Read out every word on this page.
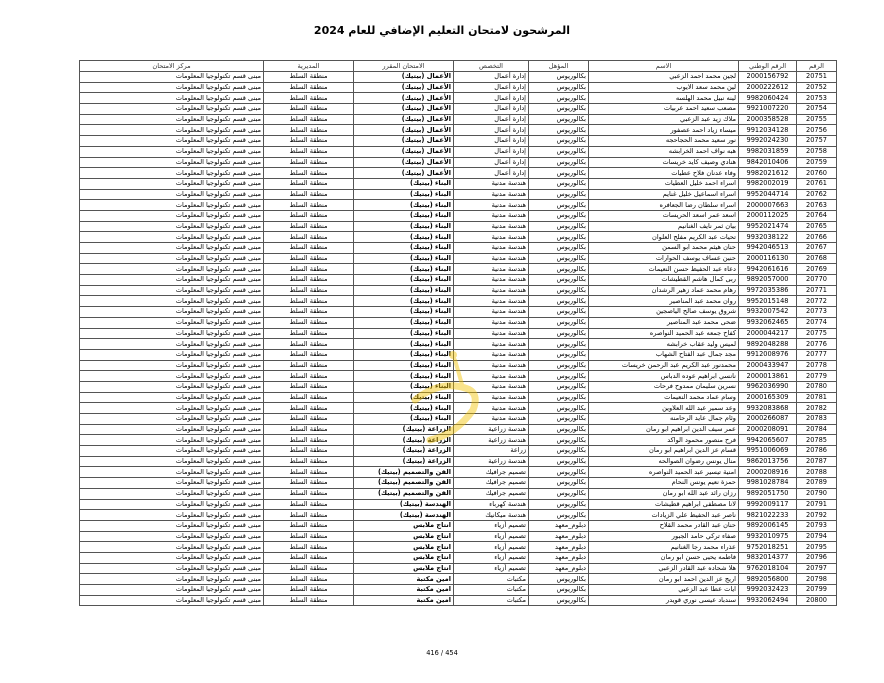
المرشحون لامتحان التعليم الإضافي للعام 2024
الرقم	الرقم الوطني	الاسم	المؤهل	التخصص	الامتحان المقرر	المديرية	مركز الامتحان
20751	2000156792	لجين محمد احمد الزعبي	بكالوريوس	إدارة أعمال	الأعمال (بيتيك)	منطقة السلط	مبنى قسم تكنولوجيا المعلومات
20752	2000222612	لين محمد سعد الايوب	بكالوريوس	إدارة أعمال	الأعمال (بيتيك)	منطقة السلط	مبنى قسم تكنولوجيا المعلومات
20753	9982060424	لينه نبيل محمد الهلسه	بكالوريوس	إدارة أعمال	الأعمال (بيتيك)	منطقة السلط	مبنى قسم تكنولوجيا المعلومات
20754	9921007220	مصعب سعيد احمد عربيات	بكالوريوس	إدارة أعمال	الأعمال (بيتيك)	منطقة السلط	مبنى قسم تكنولوجيا المعلومات
20755	2000358528	ملاك زيد عبد الزعبي	بكالوريوس	إدارة أعمال	الأعمال (بيتيك)	منطقة السلط	مبنى قسم تكنولوجيا المعلومات
20756	9912034128	ميساء زياد احمد عصفور	بكالوريوس	إدارة أعمال	الأعمال (بيتيك)	منطقة السلط	مبنى قسم تكنولوجيا المعلومات
20757	9992024230	نور سعيد محمد الحجاحجه	بكالوريوس	إدارة أعمال	الأعمال (بيتيك)	منطقة السلط	مبنى قسم تكنولوجيا المعلومات
20758	9982031859	هبه نواف احمد الخرابشه	بكالوريوس	إدارة أعمال	الأعمال (بيتيك)	منطقة السلط	مبنى قسم تكنولوجيا المعلومات
20759	9842010406	هنادي وصيف كايد خريسات	بكالوريوس	إدارة أعمال	الأعمال (بيتيك)	منطقة السلط	مبنى قسم تكنولوجيا المعلومات
20760	9982021612	وفاء عدنان فلاح عطيات	بكالوريوس	إدارة أعمال	الأعمال (بيتيك)	منطقة السلط	مبنى قسم تكنولوجيا المعلومات
20761	9982002019	اسراء احمد خليل العطيات	بكالوريوس	هندسة مدنية	البناء (بيتيك)	منطقة السلط	مبنى قسم تكنولوجيا المعلومات
20762	9952044714	اسراء اسماعيل خليل غنايم	بكالوريوس	هندسة مدنية	البناء (بيتيك)	منطقة السلط	مبنى قسم تكنولوجيا المعلومات
20763	2000007663	اسراء سلطان رضا الجعافره	بكالوريوس	هندسة مدنية	البناء (بيتيك)	منطقة السلط	مبنى قسم تكنولوجيا المعلومات
20764	2000112025	اسعد عمر اسعد الحريسات	بكالوريوس	هندسة مدنية	البناء (بيتيك)	منطقة السلط	مبنى قسم تكنولوجيا المعلومات
20765	9952021474	بيان ثمر نايف الغنانيم	بكالوريوس	هندسة مدنية	البناء (بيتيك)	منطقة السلط	مبنى قسم تكنولوجيا المعلومات
20766	9932038122	تحيات عبد الكريم مفلح العلوان	بكالوريوس	هندسة مدنية	البناء (بيتيك)	منطقة السلط	مبنى قسم تكنولوجيا المعلومات
20767	9942046513	حنان هيثم محمد ابو السمن	بكالوريوس	هندسة مدنية	البناء (بيتيك)	منطقة السلط	مبنى قسم تكنولوجيا المعلومات
20768	2000116130	حنين عساف يوسف الحوارات	بكالوريوس	هندسة مدنية	البناء (بيتيك)	منطقة السلط	مبنى قسم تكنولوجيا المعلومات
20769	9942061616	دعاء عبد الحفيظ حسن النعيمات	بكالوريوس	هندسة مدنية	البناء (بيتيك)	منطقة السلط	مبنى قسم تكنولوجيا المعلومات
20770	9892057000	ربى كمال هاشم القطيشات	بكالوريوس	هندسة مدنية	البناء (بيتيك)	منطقة السلط	مبنى قسم تكنولوجيا المعلومات
20771	9972035386	رهام محمد عماد زهير الرشدان	بكالوريوس	هندسة مدنية	البناء (بيتيك)	منطقة السلط	مبنى قسم تكنولوجيا المعلومات
20772	9952015148	روان محمد عبد المناصير	بكالوريوس	هندسة مدنية	البناء (بيتيك)	منطقة السلط	مبنى قسم تكنولوجيا المعلومات
20773	9932007542	شروق يوسف صالح الياصجين	بكالوريوس	هندسة مدنية	البناء (بيتيك)	منطقة السلط	مبنى قسم تكنولوجيا المعلومات
20774	9932062465	ضحى محمد عبد المناصير	بكالوريوس	هندسة مدنية	البناء (بيتيك)	منطقة السلط	مبنى قسم تكنولوجيا المعلومات
20775	2000044217	كفاح جمعه عبد الحميد النواصره	بكالوريوس	هندسة مدنية	البناء (بيتيك)	منطقة السلط	مبنى قسم تكنولوجيا المعلومات
20776	9892048288	لميس وليد عقاب خرابشه	بكالوريوس	هندسة مدنية	البناء (بيتيك)	منطقة السلط	مبنى قسم تكنولوجيا المعلومات
20777	9912008976	مجد جمال عبد الفتاح الشهاب	بكالوريوس	هندسة مدنية	البناء (بيتيك)	منطقة السلط	مبنى قسم تكنولوجيا المعلومات
20778	2000433947	محمدنور عبد الكريم عبد الرحمن خريسات	بكالوريوس	هندسة مدنية	البناء (بيتيك)	منطقة السلط	مبنى قسم تكنولوجيا المعلومات
20779	2000013861	نانسي ابراهيم عوده الدباس	بكالوريوس	هندسة مدنية	البناء (بيتيك)	منطقة السلط	مبنى قسم تكنولوجيا المعلومات
20780	9962036990	نسرين سليمان ممدوح فرحات	بكالوريوس	هندسة مدنية	البناء (بيتيك)	منطقة السلط	مبنى قسم تكنولوجيا المعلومات
20781	2000165309	وسام عماد محمد النعيمات	بكالوريوس	هندسة مدنية	البناء (بيتيك)	منطقة السلط	مبنى قسم تكنولوجيا المعلومات
20782	9932083868	وعد سمير عبد الله العلاوين	بكالوريوس	هندسة مدنية	البناء (بيتيك)	منطقة السلط	مبنى قسم تكنولوجيا المعلومات
20783	2000266087	وئام جمال عايد الرحامنه	بكالوريوس	هندسة مدنية	البناء (بيتيك)	منطقة السلط	مبنى قسم تكنولوجيا المعلومات
20784	2000208091	عمر سيف الدين ابراهيم ابو رمان	بكالوريوس	هندسة زراعية	الزراعة (بيتيك)	منطقة السلط	مبنى قسم تكنولوجيا المعلومات
20785	9942065607	فرح منصور محمود الواكد	بكالوريوس	هندسة زراعية	الزراعة (بيتيك)	منطقة السلط	مبنى قسم تكنولوجيا المعلومات
20786	9951006069	قسام عز الدين ابراهيم ابو رمان	بكالوريوس	زراعة	الزراعة (بيتيك)	منطقة السلط	مبنى قسم تكنولوجيا المعلومات
20787	9862013756	منال يونس رضوان الصوالحه	بكالوريوس	هندسة زراعية	الزراعة (بيتيك)	منطقة السلط	مبنى قسم تكنولوجيا المعلومات
20788	2000208916	امنية تيسير عبد الحميد النواصره	بكالوريوس	تصميم جرافيك	الفن والتصميم (بيتيك)	منطقة السلط	مبنى قسم تكنولوجيا المعلومات
20789	9981028784	حمزة نعيم يونس النحام	بكالوريوس	تصميم جرافيك	الفن والتصميم (بيتيك)	منطقة السلط	مبنى قسم تكنولوجيا المعلومات
20790	9892051750	رزان رائد عبد الله ابو رمان	بكالوريوس	تصميم جرافيك	الفن والتصميم (بيتيك)	منطقة السلط	مبنى قسم تكنولوجيا المعلومات
20791	9992009117	لانا مصطفى ابراهيم قطيشات	بكالوريوس	هندسة كهرباء	الهندسة (بيتيك)	منطقة السلط	مبنى قسم تكنولوجيا المعلومات
20792	9821022233	ناصر عبد الحفيظ علي الزيادات	بكالوريوس	هندسة ميكانيك	الهندسة (بيتيك)	منطقة السلط	مبنى قسم تكنولوجيا المعلومات
20793	9892006145	حنان عبد القادر محمد القلاح	دبلوم_معهد	تصميم أزياء	انتاج ملابس	منطقة السلط	مبنى قسم تكنولوجيا المعلومات
20794	9932010975	صفاء تركي حامد الجبور	دبلوم_معهد	تصميم أزياء	انتاج ملابس	منطقة السلط	مبنى قسم تكنولوجيا المعلومات
20795	9752018251	عذراء محمد رجا الغنانيم	دبلوم_معهد	تصميم أزياء	انتاج ملابس	منطقة السلط	مبنى قسم تكنولوجيا المعلومات
20796	9832014377	فاطمه يحيى حسن ابو رمان	دبلوم_معهد	تصميم أزياء	انتاج ملابس	منطقة السلط	مبنى قسم تكنولوجيا المعلومات
20797	9762018104	هلا شحاده عبد القادر الزعبي	دبلوم_معهد	تصميم أزياء	انتاج ملابس	منطقة السلط	مبنى قسم تكنولوجيا المعلومات
20798	9892056800	اريج عز الدين احمد ابو رمان	بكالوريوس	مكتبات	امين مكتبة	منطقة السلط	مبنى قسم تكنولوجيا المعلومات
20799	9992032423	ايات عطا عبد الزعبي	بكالوريوس	مكتبات	امين مكتبة	منطقة السلط	مبنى قسم تكنولوجيا المعلومات
20800	9932062494	سندباد عيسى نوري قويدر	بكالوريوس	مكتبات	امين مكتبة	منطقة السلط	مبنى قسم تكنولوجيا المعلومات
416 / 454
